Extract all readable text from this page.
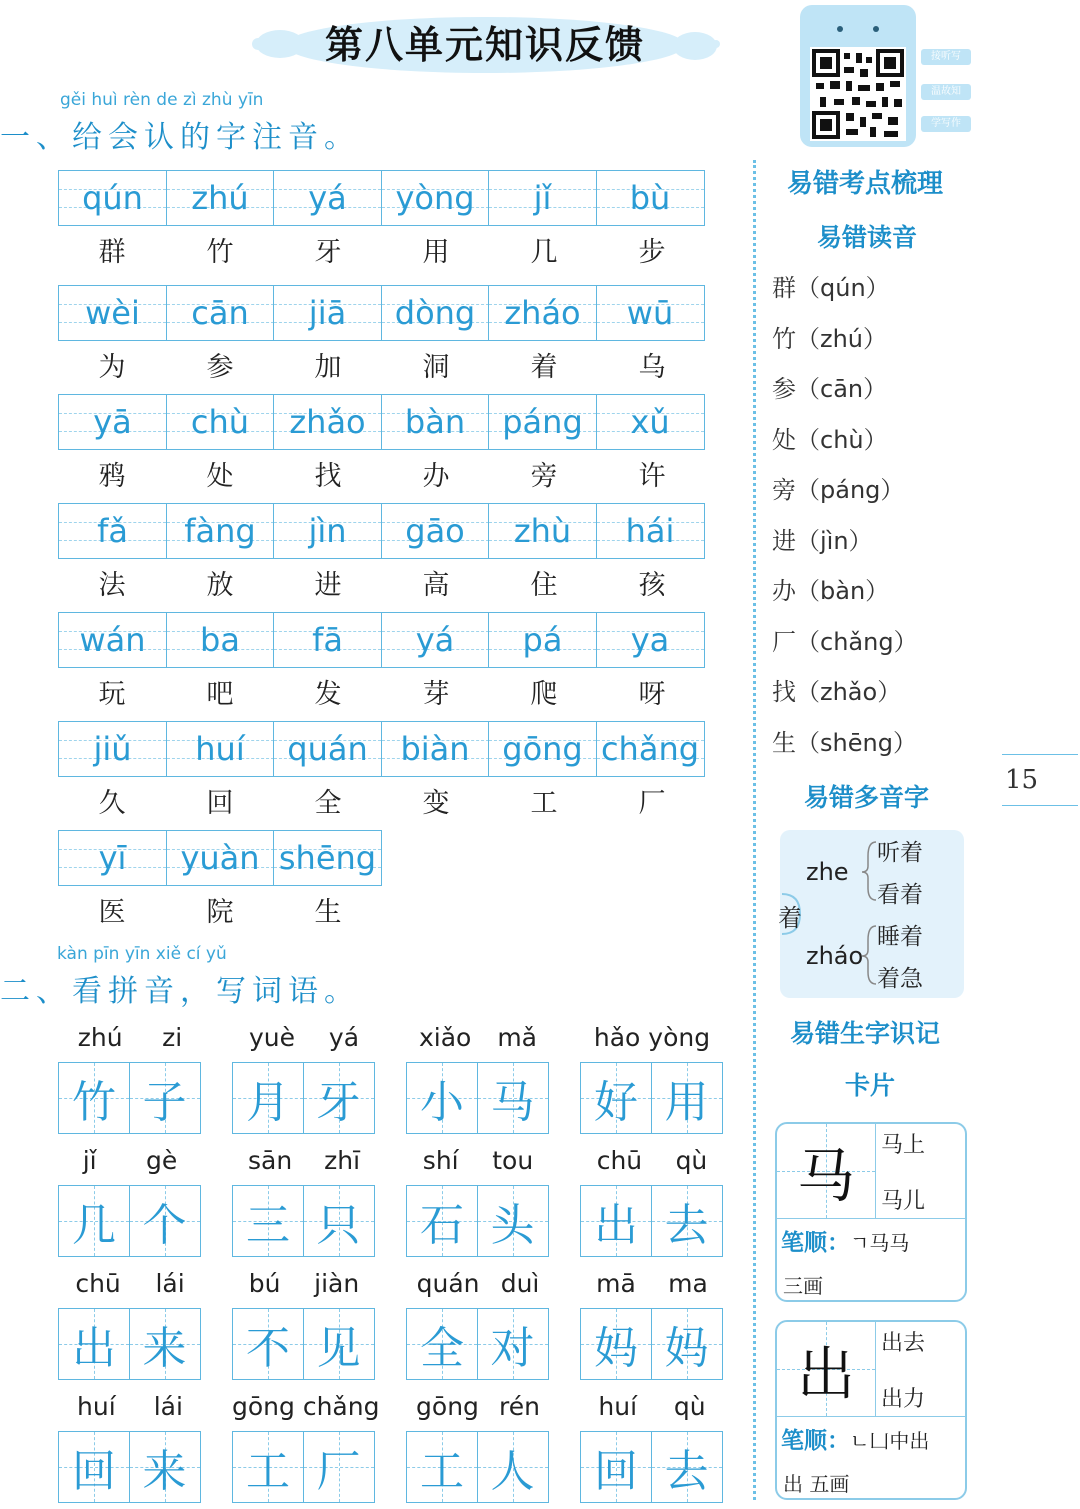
第八单元知识反馈	接听写
温故知
学写作
gěi huì rèn de zì zhù yīn
一、给会认的字注音。
qún zhú yá yòng jǐ bù
群	竹	牙	用	几	步
wèi cān jiā dòng zháo wū
为	参	加	洞	着	乌
yā chù zhǎo bàn páng xǔ
鸦	处	找	办	旁	许
fǎ fàng jìn gāo zhù hái
法	放	进	高	住	孩
wán ba fā yá pá ya
玩	吧	发	芽	爬	呀
jiǔ huí quán biàn gōng chǎng
久	回	全	变	工	厂
yī yuàn shēng
医	院	生
kàn pīn yīn xiě cí yǔ
二、看拼音，写词语。
zhú zi
竹 子
yuè yá
月 牙
xiǎo mǎ
小 马
hǎo yòng
好 用
jǐ gè
几 个
sān zhī
三 只
shí tou
石 头
chū qù
出 去
chū lái
出 来
bú jiàn
不 见
quán duì
全 对
mā ma
妈 妈
huí lái
回 来
gōng chǎng
工 厂
gōng rén
工 人
huí qù
回 去
易错考点梳理
易错读音
群（qún）
竹（zhú）
参（cān）
处（chù）
旁（páng）
进（jìn）
办（bàn）
厂（chǎng）
找（zhǎo）
生（shēng）
易错多音字
着
zhe
听着
看着
zháo
睡着
着急
易错生字识记
卡片
马 马上
马儿
笔顺：ㄱ马马
三画
出 出去
出力
笔顺：ㄴ凵中出
出 五画
15
